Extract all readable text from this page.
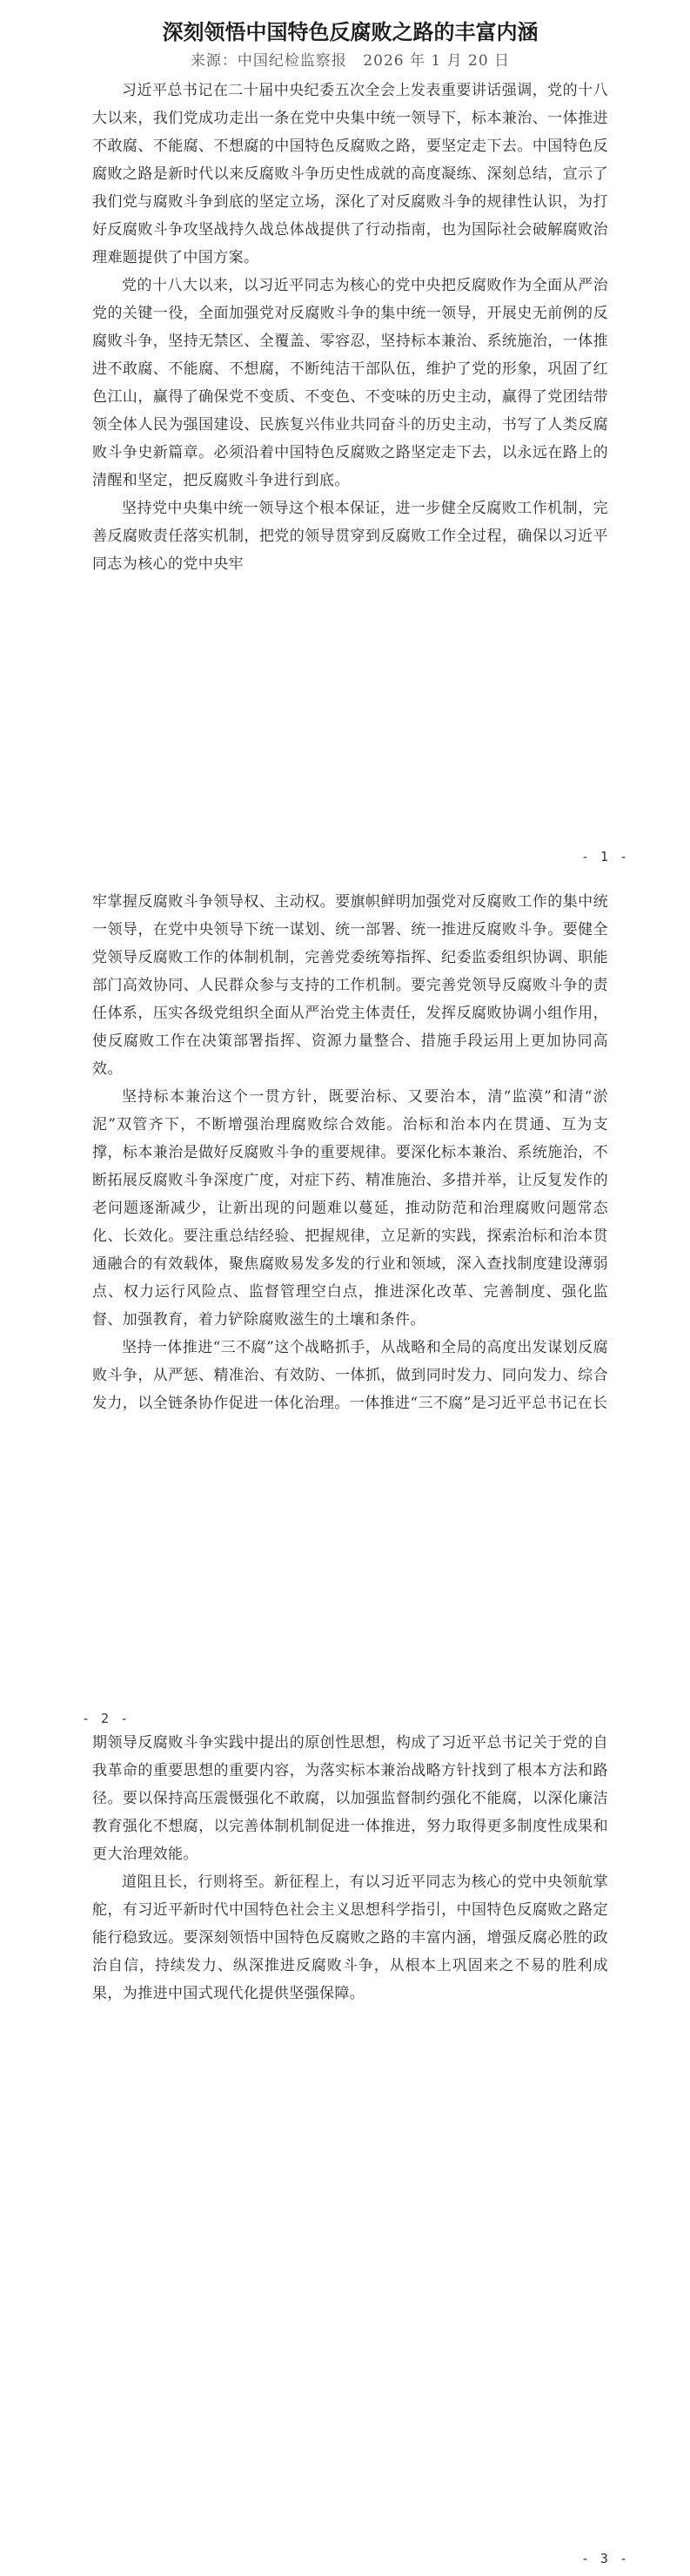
深刻领悟中国特色反腐败之路的丰富内涵
来源：中国纪检监察报 2026 年 1 月 20 日

习近平总书记在二十届中央纪委五次全会上发表重要讲话强调，党的十八大以来，我们党成功走出一条在党中央集中统一领导下，标本兼治、一体推进不敢腐、不能腐、不想腐的中国特色反腐败之路，要坚定走下去。中国特色反腐败之路是新时代以来反腐败斗争历史性成就的高度凝练、深刻总结，宣示了我们党与腐败斗争到底的坚定立场，深化了对反腐败斗争的规律性认识，为打好反腐败斗争攻坚战持久战总体战提供了行动指南，也为国际社会破解腐败治理难题提供了中国方案。

党的十八大以来，以习近平同志为核心的党中央把反腐败作为全面从严治党的关键一役，全面加强党对反腐败斗争的集中统一领导，开展史无前例的反腐败斗争，坚持无禁区、全覆盖、零容忍，坚持标本兼治、系统施治，一体推进不敢腐、不能腐、不想腐，不断纯洁干部队伍，维护了党的形象，巩固了红色江山，赢得了确保党不变质、不变色、不变味的历史主动，赢得了党团结带领全体人民为强国建设、民族复兴伟业共同奋斗的历史主动，书写了人类反腐败斗争史新篇章。必须沿着中国特色反腐败之路坚定走下去，以永远在路上的清醒和坚定，把反腐败斗争进行到底。

坚持党中央集中统一领导这个根本保证，进一步健全反腐败工作机制，完善反腐败责任落实机制，把党的领导贯穿到反腐败工作全过程，确保以习近平同志为核心的党中央牢

- 1 -

牢掌握反腐败斗争领导权、主动权。要旗帜鲜明加强党对反腐败工作的集中统一领导，在党中央领导下统一谋划、统一部署、统一推进反腐败斗争。要健全党领导反腐败工作的体制机制，完善党委统筹指挥、纪委监委组织协调、职能部门高效协同、人民群众参与支持的工作机制。要完善党领导反腐败斗争的责任体系，压实各级党组织全面从严治党主体责任，发挥反腐败协调小组作用，使反腐败工作在决策部署指挥、资源力量整合、措施手段运用上更加协同高效。

坚持标本兼治这个一贯方针，既要治标、又要治本，清“监漠”和清“淤泥”双管齐下，不断增强治理腐败综合效能。治标和治本内在贯通、互为支撑，标本兼治是做好反腐败斗争的重要规律。要深化标本兼治、系统施治，不断拓展反腐败斗争深度广度，对症下药、精准施治、多措并举，让反复发作的老问题逐渐减少，让新出现的问题难以蔓延，推动防范和治理腐败问题常态化、长效化。要注重总结经验、把握规律，立足新的实践，探索治标和治本贯通融合的有效载体，聚焦腐败易发多发的行业和领域，深入查找制度建设薄弱点、权力运行风险点、监督管理空白点，推进深化改革、完善制度、强化监督、加强教育，着力铲除腐败滋生的土壤和条件。

坚持一体推进“三不腐”这个战略抓手，从战略和全局的高度出发谋划反腐败斗争，从严惩、精准治、有效防、一体抓，做到同时发力、同向发力、综合发力，以全链条协作促进一体化治理。一体推进“三不腐”是习近平总书记在长

- 2 -

期领导反腐败斗争实践中提出的原创性思想，构成了习近平总书记关于党的自我革命的重要思想的重要内容，为落实标本兼治战略方针找到了根本方法和路径。要以保持高压震慑强化不敢腐，以加强监督制约强化不能腐，以深化廉洁教育强化不想腐，以完善体制机制促进一体推进，努力取得更多制度性成果和更大治理效能。

道阻且长，行则将至。新征程上，有以习近平同志为核心的党中央领航掌舵，有习近平新时代中国特色社会主义思想科学指引，中国特色反腐败之路定能行稳致远。要深刻领悟中国特色反腐败之路的丰富内涵，增强反腐必胜的政治自信，持续发力、纵深推进反腐败斗争，从根本上巩固来之不易的胜利成果，为推进中国式现代化提供坚强保障。

- 3 -
